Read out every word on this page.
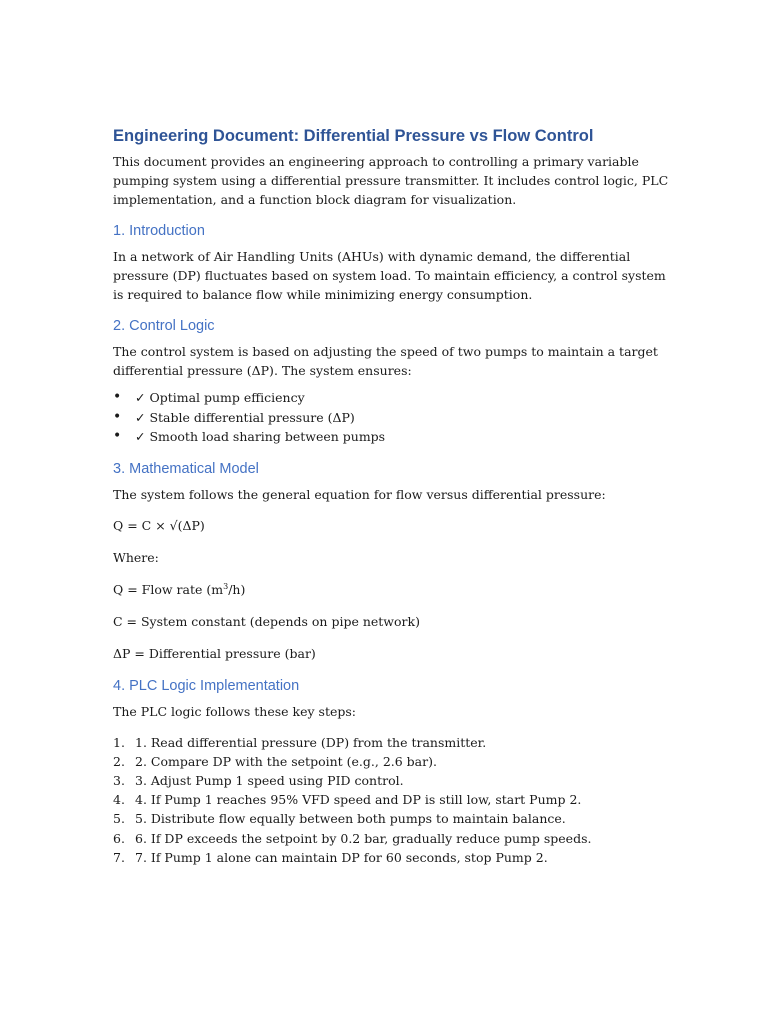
Engineering Document: Differential Pressure vs Flow Control

This document provides an engineering approach to controlling a primary variable pumping system using a differential pressure transmitter. It includes control logic, PLC implementation, and a function block diagram for visualization.

1. Introduction

In a network of Air Handling Units (AHUs) with dynamic demand, the differential pressure (DP) fluctuates based on system load. To maintain efficiency, a control system is required to balance flow while minimizing energy consumption.

2. Control Logic

The control system is based on adjusting the speed of two pumps to maintain a target differential pressure (ΔP). The system ensures:

• ✓ Optimal pump efficiency
• ✓ Stable differential pressure (ΔP)
• ✓ Smooth load sharing between pumps
3. Mathematical Model

The system follows the general equation for flow versus differential pressure:

Q = C × √(ΔP)
Where:
Q = Flow rate $(m^3/h)$
C = System constant (depends on pipe network)
ΔP = Differential pressure (bar)
4. PLC Logic Implementation

The PLC logic follows these key steps:

1. 1. Read differential pressure (DP) from the transmitter.
2. 2. Compare DP with the setpoint (e.g., 2.6 bar).
3. 3. Adjust Pump 1 speed using PID control.
4. 4. If Pump 1 reaches 95% VFD speed and DP is still low, start Pump 2.
5. 5. Distribute flow equally between both pumps to maintain balance.
6. 6. If DP exceeds the setpoint by 0.2 bar, gradually reduce pump speeds.
7. 7. If Pump 1 alone can maintain DP for 60 seconds, stop Pump 2.
